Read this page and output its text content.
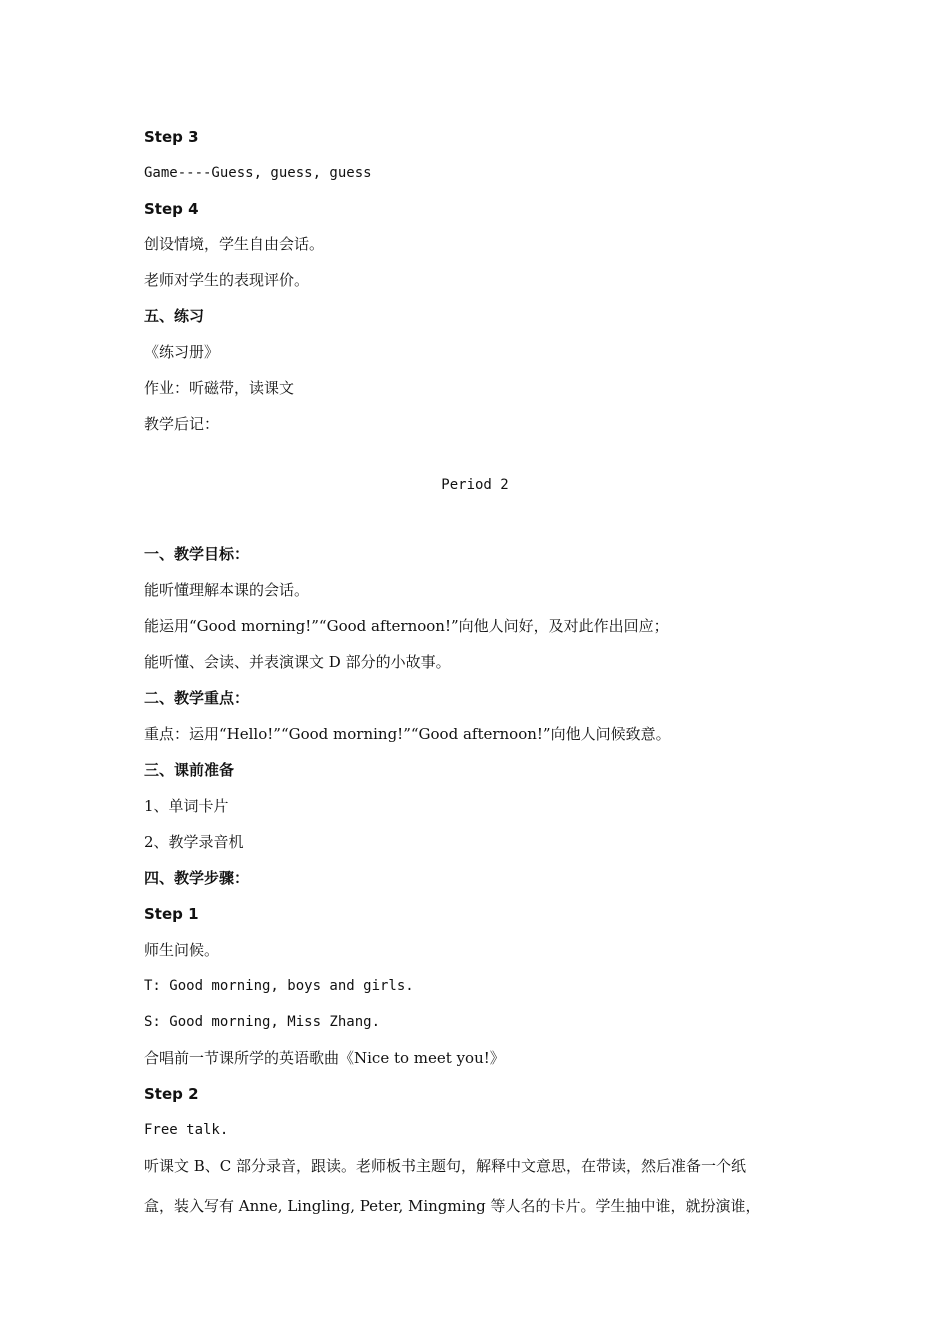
Step 3
Game----Guess, guess, guess
Step 4
创设情境，学生自由会话。
老师对学生的表现评价。
五、练习
《练习册》
作业：听磁带，读课文
教学后记：
Period 2
一、教学目标：
能听懂理解本课的会话。
能运用“Good morning!”“Good afternoon!”向他人问好，及对此作出回应；
能听懂、会读、并表演课文 D 部分的小故事。
二、教学重点：
重点：运用“Hello!”“Good morning!”“Good afternoon!”向他人问候致意。
三、课前准备
1、单词卡片
2、教学录音机
四、教学步骤：
Step 1
师生问候。
T: Good morning, boys and girls.
S: Good morning, Miss Zhang.
合唱前一节课所学的英语歌曲《Nice to meet you!》
Step 2
Free talk.
听课文 B、C 部分录音，跟读。老师板书主题句，解释中文意思，在带读，然后准备一个纸
盒，装入写有 Anne, Lingling, Peter, Mingming 等人名的卡片。学生抽中谁，就扮演谁，
